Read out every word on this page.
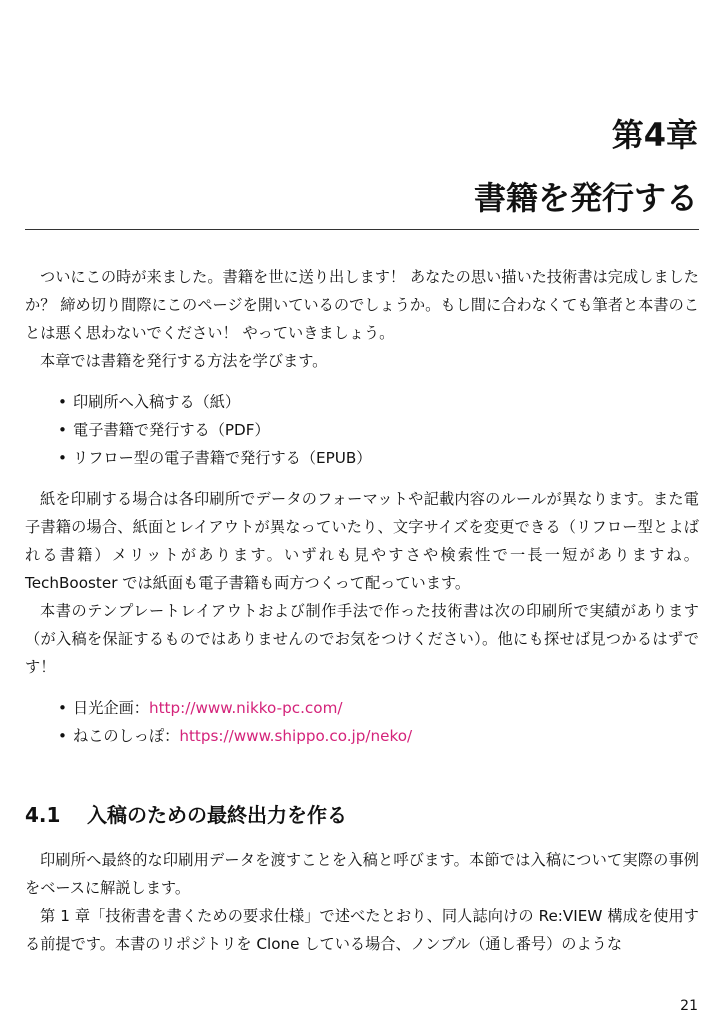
第4章
書籍を発行する

ついにこの時が来ました。書籍を世に送り出します！ あなたの思い描いた技術書は完成しましたか？ 締め切り間際にこのページを開いているのでしょうか。もし間に合わなくても筆者と本書のことは悪く思わないでください！ やっていきましょう。

本章では書籍を発行する方法を学びます。

• 印刷所へ入稿する（紙）
• 電子書籍で発行する（PDF）
• リフロー型の電子書籍で発行する（EPUB）

紙を印刷する場合は各印刷所でデータのフォーマットや記載内容のルールが異なります。また電子書籍の場合、紙面とレイアウトが異なっていたり、文字サイズを変更できる（リフロー型とよばれる書籍）メリットがあります。いずれも見やすさや検索性で一長一短がありますね。TechBooster では紙面も電子書籍も両方つくって配っています。

本書のテンプレートレイアウトおよび制作手法で作った技術書は次の印刷所で実績があります（が入稿を保証するものではありませんのでお気をつけください）。他にも探せば見つかるはずです！

• 日光企画：http://www.nikko-pc.com/
• ねこのしっぽ：https://www.shippo.co.jp/neko/
4.1 入稿のための最終出力を作る

印刷所へ最終的な印刷用データを渡すことを入稿と呼びます。本節では入稿について実際の事例をベースに解説します。

第 1 章「技術書を書くための要求仕様」で述べたとおり、同人誌向けの Re:VIEW 構成を使用する前提です。本書のリポジトリを Clone している場合、ノンブル（通し番号）のような

21
